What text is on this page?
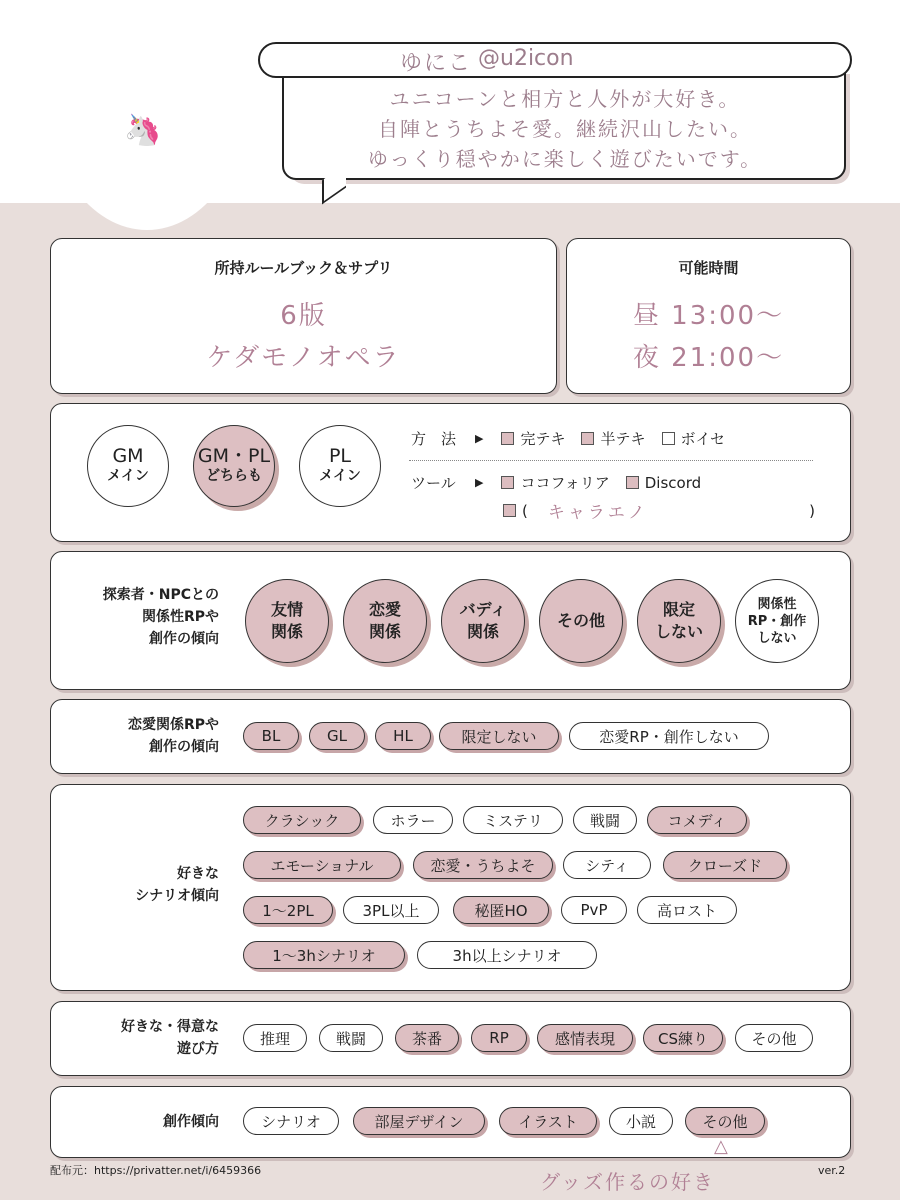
🦄
ゆにこ @u2icon
ユニコーンと相方と人外が大好き。
自陣とうちよそ愛。継続沢山したい。
ゆっくり穏やかに楽しく遊びたいです。
所持ルールブック＆サプリ
6版
ケダモノオペラ
可能時間
昼 13:00〜
夜 21:00〜
GM
メイン
GM・PL
どちらも
PL
メイン
方　法	▶ 完テキ 半テキ ボイセ
ツール	▶ ココフォリア Discord
( キャラエノ	)
探索者・NPCとの
関係性RPや
創作の傾向
友情
関係
恋愛
関係
バディ
関係
その他
限定
しない
関係性
RP・創作
しない
恋愛関係RPや
創作の傾向
BL	GL	HL	限定しない	恋愛RP・創作しない
好きな
シナリオ傾向
クラシック	ホラー	ミステリ	戦闘	コメディ
エモーショナル	恋愛・うちよそ	シティ	クローズド
1〜2PL	3PL以上	秘匿HO	PvP	高ロスト
1〜3hシナリオ	3h以上シナリオ
好きな・得意な
遊び方
推理	戦闘	茶番	RP	感情表現	CS練り	その他
創作傾向	シナリオ	部屋デザイン	イラスト	小説	その他
△
グッズ作るの好き
配布元：https://privatter.net/i/6459366	ver.2
